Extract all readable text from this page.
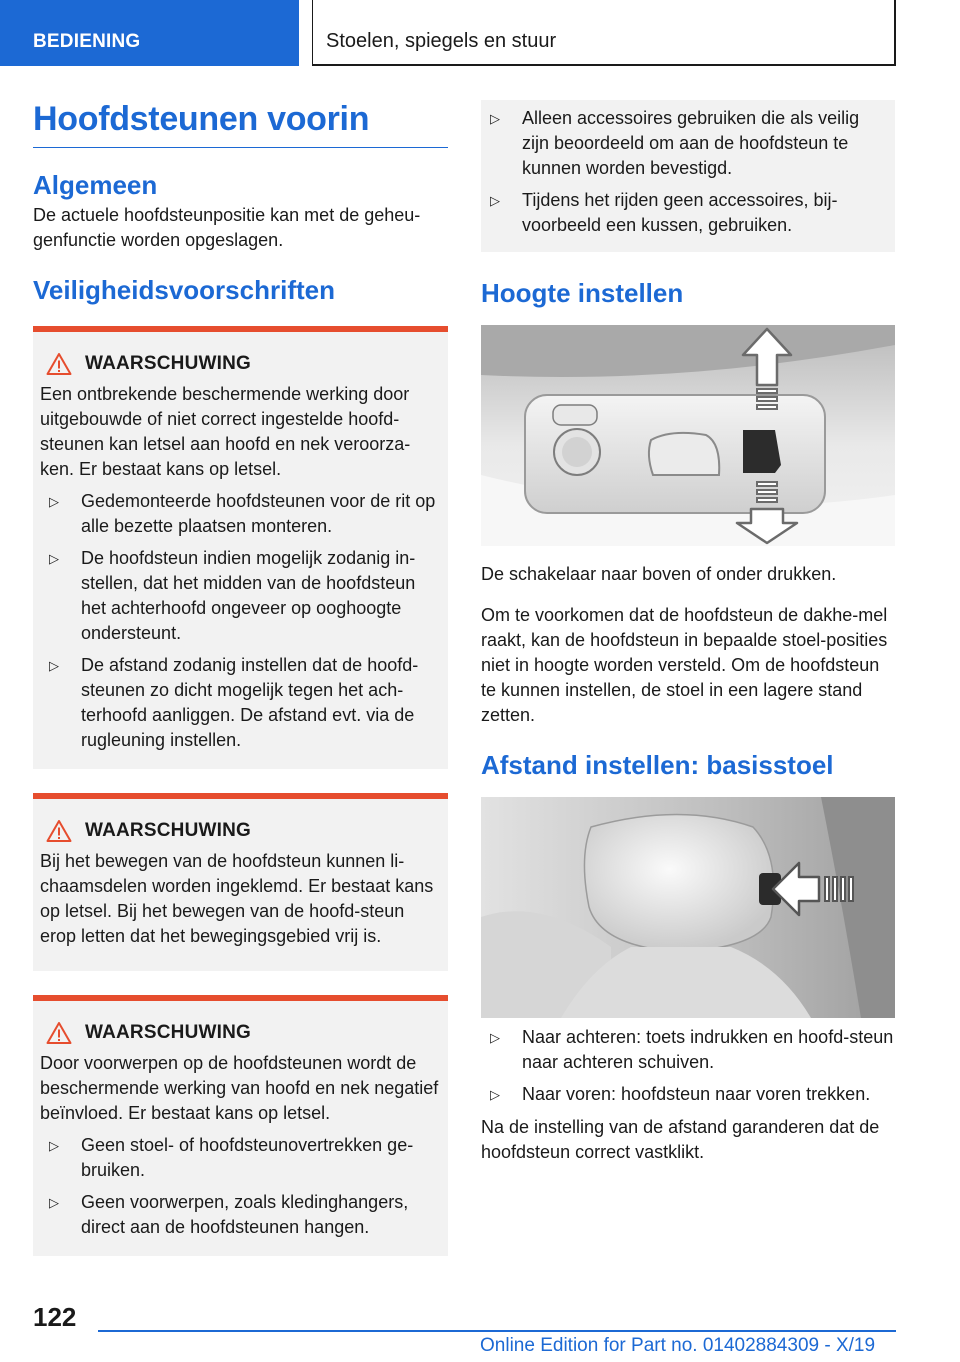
BEDIENING	Stoelen, spiegels en stuur
Hoofdsteunen voorin
Algemeen

De actuele hoofdsteunpositie kan met de geheu-genfunctie worden opgeslagen.

Veiligheidsvoorschriften
WAARSCHUWING

Een ontbrekende beschermende werking door uitgebouwde of niet correct ingestelde hoofd-steunen kan letsel aan hoofd en nek veroorza-ken. Er bestaat kans op letsel.

▷ Gedemonteerde hoofdsteunen voor de rit op alle bezette plaatsen monteren.
▷ De hoofdsteun indien mogelijk zodanig in-stellen, dat het midden van de hoofdsteun het achterhoofd ongeveer op ooghoogte ondersteunt.
▷ De afstand zodanig instellen dat de hoofd-steunen zo dicht mogelijk tegen het ach-terhoofd aanliggen. De afstand evt. via de rugleuning instellen.
WAARSCHUWING

Bij het bewegen van de hoofdsteun kunnen li-chaamsdelen worden ingeklemd. Er bestaat kans op letsel. Bij het bewegen van de hoofd-steun erop letten dat het bewegingsgebied vrij is.

WAARSCHUWING

Door voorwerpen op de hoofdsteunen wordt de beschermende werking van hoofd en nek negatief beïnvloed. Er bestaat kans op letsel.

▷ Geen stoel- of hoofdsteunovertrekken ge-bruiken.
▷ Geen voorwerpen, zoals kledinghangers, direct aan de hoofdsteunen hangen.
▷ Alleen accessoires gebruiken die als veilig zijn beoordeeld om aan de hoofdsteun te kunnen worden bevestigd.
▷ Tijdens het rijden geen accessoires, bij-voorbeeld een kussen, gebruiken.
Hoogte instellen

De schakelaar naar boven of onder drukken.

Om te voorkomen dat de hoofdsteun de dakhe-mel raakt, kan de hoofdsteun in bepaalde stoel-posities niet in hoogte worden versteld. Om de hoofdsteun te kunnen instellen, de stoel in een lagere stand zetten.

Afstand instellen: basisstoel
▷ Naar achteren: toets indrukken en hoofd-steun naar achteren schuiven.
▷ Naar voren: hoofdsteun naar voren trekken.

Na de instelling van de afstand garanderen dat de hoofdsteun correct vastklikt.

122
Online Edition for Part no. 01402884309 - X/19
